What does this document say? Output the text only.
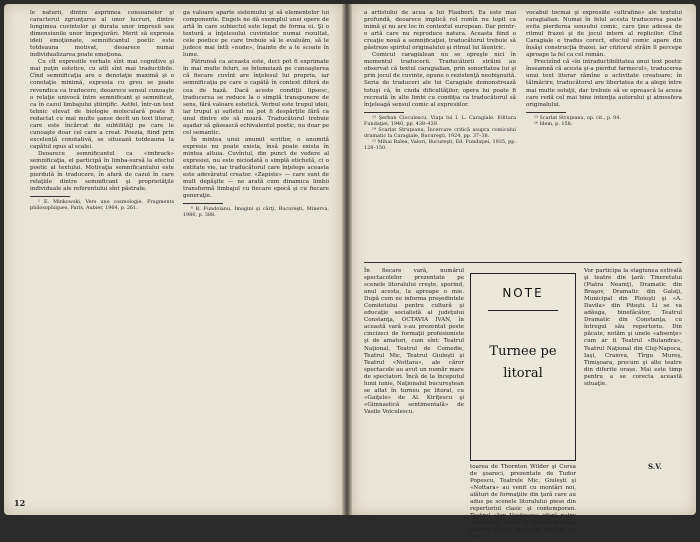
le naturii, dintre asprimea consoanelor şi caracterul zgrunţuros al unor lucruri, dintre lungimea cuvintelor şi durata unor impresii sau dimensiunile unor împrejurări. Merit să expresia ideii emoţionate, semnificantul poetic este totdeauna motivat, deoarece numai individualizarea poate emoţiona.

Cu cît expresiile verbale sînt mai cognitive şi mai puţin estetice, cu atît sînt mai traductibile. Cînd semnificaţia are o denotaţie maximă şi o conotaţie minimă, expresia cu greu se poate revendica ca traducere, deoarece sensul cunoaşte o relaţie univocă între semnificant şi semnificat, ca în cazul limbajului ştiinţific. Astfel, într-un text tehnic elevat de biologie moleculară poate fi redactat cu mai multe şanse decît un text literar, care este încărcat de subtilităţi pe care le cunoaşte doar cel care a creat. Poezia, fiind prin excelenţă conotativă, se situează totdeauna la capătul opus al scalei.

Deoarece semnificantul ca «imbrack» semnificaţia, el participă în limba-sursă la efectul poetic al textului. Motivaţia semnificantului este pierdută în traducere, în afară de cazul în care relaţiile dintre semnificant şi proprietăţile individuale ale referentului sînt păstrate.

¹ E. Minkowski, Vers une cosmologie. Fragments philosophiques, Paris, Aubier, 1964, p. 261.

ga valoare aparte sistemului şi să elementelor lui componente. Engels ne dă exemplul unei opere de artă în care subiectul este legat de forma ei. Şi o textură a înţelesului cuvintelor numai rezultat, cele poetice pe care trebuie să le evaluăm, să le judece mai întîi «nude», înainte de a le scoate în lume.

Pătrunsă ca aceasta este, deci pot fi exprimate în mai multe feluri, se întemeiază pe cunoaşterea că fiecare cuvînt are înţelesul lui propriu, iar semnificaţia pe care o capătă în context diferă de cea de bază. Dacă aceste condiţii lipsesc, traducerea se reduce la o simplă transpunere de sens, fără valoare estetică. Verbul este trupul ideii, iar trupul şi sufletul nu pot fi despărţite fără ca unul dintre ele să moară. Traducătorul trebuie aşadar să găsească echivalentul poetic, nu doar pe cel semantic.

În mintea unui anumit scriitor, o anumită expresie nu poate exista, însă poate exista în mintea altuia. Cuvîntul, din punct de vedere al expresiei, nu este niciodată o simplă etichetă, ci o entitate vie, iar traducătorul care înţelege aceasta este adevăratul creator. «Zapiste» — care sunt de mult depăşite — ne arată cum dinamica limbii transformă limbajul cu fiecare epocă şi cu fiecare generaţie.

⁸ B. Fundoianu, Imagini şi cărţi, Bucureşti, Minerva, 1980, p. 388.

12

a artistului de acea a lui Flaubert. Ea este mai profundă, deoarece implică rol romîn nu topit ca inimă şi nu are loc în contextul european. Dar printr-o artă care nu reproduce natura. Aceasta fiind o creaţie nouă a semnificaţiei, traducătorul trebuie să păstreze spiritul originalului şi ritmul lui lăuntric.

Comicul caragialean nu se opreşte nici în momentul traducerii. Traducătorii străini au observat că textul caragialian, prin sonoritatea lui şi prin jocul de cuvinte, opune o rezistenţă neobişnuită. Seria de traduceri ale lui Caragiale demonstrează totuşi că, în ciuda dificultăţilor, opera lui poate fi recreată în alte limbi cu condiţia ca traducătorul să înţeleagă sensul comic al expresiilor.

¹³ Şerban Cioculescu, Viaţa lui I. L. Caragiale. Editura Fundaţiei, 1940, pp. 438–439.

¹⁴ Scarlat Struţeanu, Încercare critică asupra comicului dramatic la Caragiale, Bucureşti, 1924, pp. 37–38.

¹⁵ Mihai Ralea, Valori, Bucureşti, Ed. Fundaţiei, 1935, pp. 128–150.

vocabul tocmai şi expresiile «ultrafine» ale textului caragialian. Numai în felul acesta traducerea poate evita pierderea sensului comic, care ţine adesea de ritmul frazei şi de jocul intern al replicilor. Cînd Caragiale e tradus corect, efectul comic apare din însăşi construcţia frazei, iar cititorul străin îl percepe aproape la fel ca cel român.

Precizînd că «în intraductibilitatea unui text poetic înseamnă că acesta şi-a pierdut farmecul», traducerea unui text literar rămîne o activitate creatoare; în tălmăcire, traducătorul are libertatea de a alege între mai multe soluţii, dar trebuie să se oprească la aceea care redă cel mai bine intenţia autorului şi atmosfera originalului.

¹³ Scarlat Struţeanu, op. cit., p. 94.

¹⁶ Idem, p. 158.

În fiecare vară, numărul spectacolelor prezentate pe scenele litoralului creşte, sporind, anul acesta, la aproape o mie. După cum ne informa preşedintele Comitetului pentru cultură şi educaţie socialistă al judeţului Constanţa, OCTAVIA IVAN, în această vară s-au prezentat peste cincizeci de formaţii profesioniste şi de amatori, cum sînt: Teatrul Naţional, Teatrul de Comedie, Teatrul Mic, Teatrul Giuleşti şi Teatrul «Nottara», ale căror spectacole au avut un număr mare de spectatori. Încă de la începutul lunii iunie, Naţionalul bucureştean se aflat în turneu pe litoral, cu «Gaiţele» de Al. Kiriţescu şi «Gimnastică sentimentală» de Vasile Voiculescu.

NOTE
Turnee pe litoral

toarea de Thornton Wilder şi Cursa de şoareci, prezentate de Tudor Popescu, Teatrele Mic, Giuleşti şi «Nottara» au venit cu montări noi, alături de formaţiile din ţară care au adus pe scenele litoralului piese din repertoriul clasic şi contemporan. Teatrul «Ion Vasilescu» oferă patru spectacole, unind la fiecare aceleaşi vedete şi un program pentru cei mici.

Vor participa la stagiunea estivală şi teatre din ţară: Tineretului (Piatra Neamţ), Dramatic din Braşov, Dramatic din Galaţi, Municipal din Ploieşti şi «A. Davila» din Piteşti. Li se va adăuga, binefăcător, Teatrul Dramatic din Constanţa, cu întregul său repertoriu. Din păcate, notăm şi unele «absenţe» cum ar fi Teatrul «Bulandra», Teatrul Naţional din Cluj-Napoca, Iaşi, Craiova, Tîrgu Mureş, Timişoara, precum şi alte teatre din diferite orașe. Mai este timp pentru a se corecta această situaţie.

S.V.
